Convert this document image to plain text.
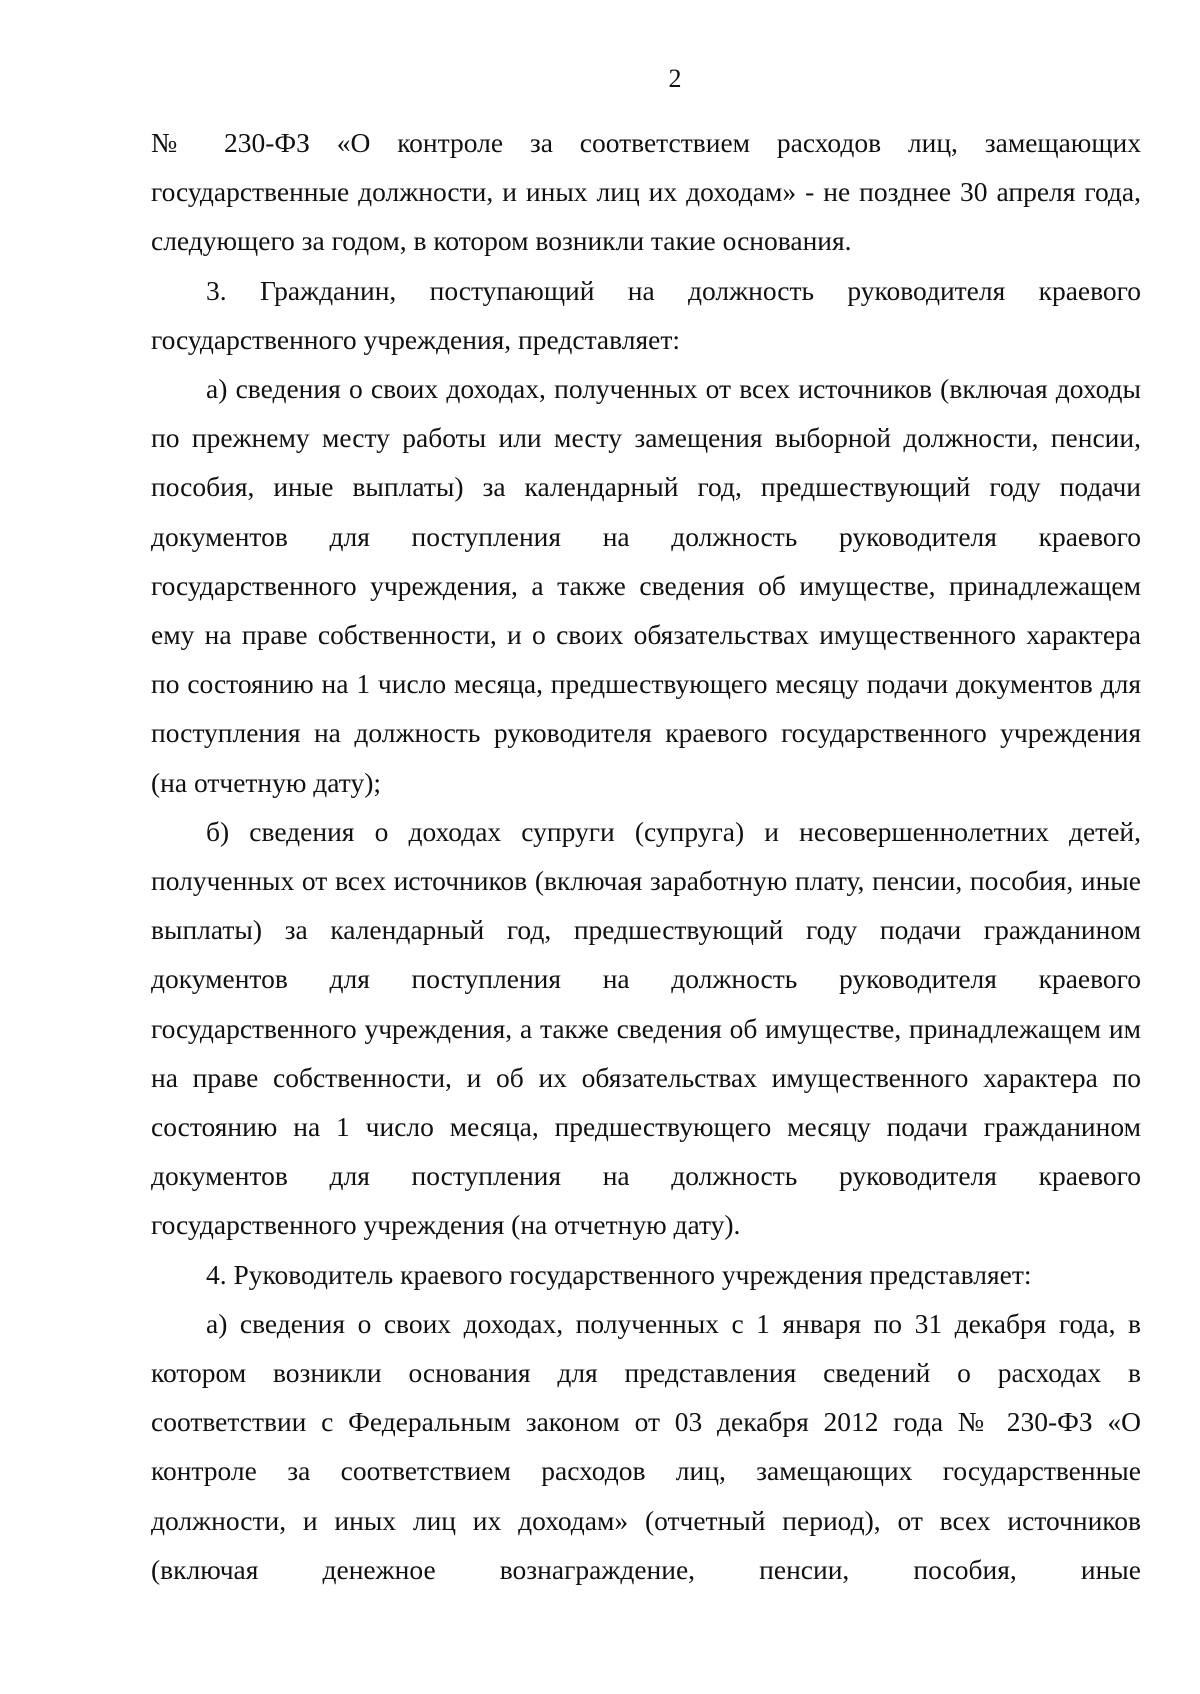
2

№ 230-ФЗ «О контроле за соответствием расходов лиц, замещающих государственные должности, и иных лиц их доходам» - не позднее 30 апреля года, следующего за годом, в котором возникли такие основания.

3. Гражданин, поступающий на должность руководителя краевого государственного учреждения, представляет:

а) сведения о своих доходах, полученных от всех источников (включая доходы по прежнему месту работы или месту замещения выборной должности, пенсии, пособия, иные выплаты) за календарный год, предшествующий году подачи документов для поступления на должность руководителя краевого государственного учреждения, а также сведения об имуществе, принадлежащем ему на праве собственности, и о своих обязательствах имущественного характера по состоянию на 1 число месяца, предшествующего месяцу подачи документов для поступления на должность руководителя краевого государственного учреждения (на отчетную дату);

б) сведения о доходах супруги (супруга) и несовершеннолетних детей, полученных от всех источников (включая заработную плату, пенсии, пособия, иные выплаты) за календарный год, предшествующий году подачи гражданином документов для поступления на должность руководителя краевого государственного учреждения, а также сведения об имуществе, принадлежащем им на праве собственности, и об их обязательствах имущественного характера по состоянию на 1 число месяца, предшествующего месяцу подачи гражданином документов для поступления на должность руководителя краевого государственного учреждения (на отчетную дату).

4. Руководитель краевого государственного учреждения представляет:

а) сведения о своих доходах, полученных с 1 января по 31 декабря года, в котором возникли основания для представления сведений о расходах в соответствии с Федеральным законом от 03 декабря 2012 года № 230-ФЗ «О контроле за соответствием расходов лиц, замещающих государственные должности, и иных лиц их доходам» (отчетный период), от всех источников (включая денежное вознаграждение, пенсии, пособия, иные
